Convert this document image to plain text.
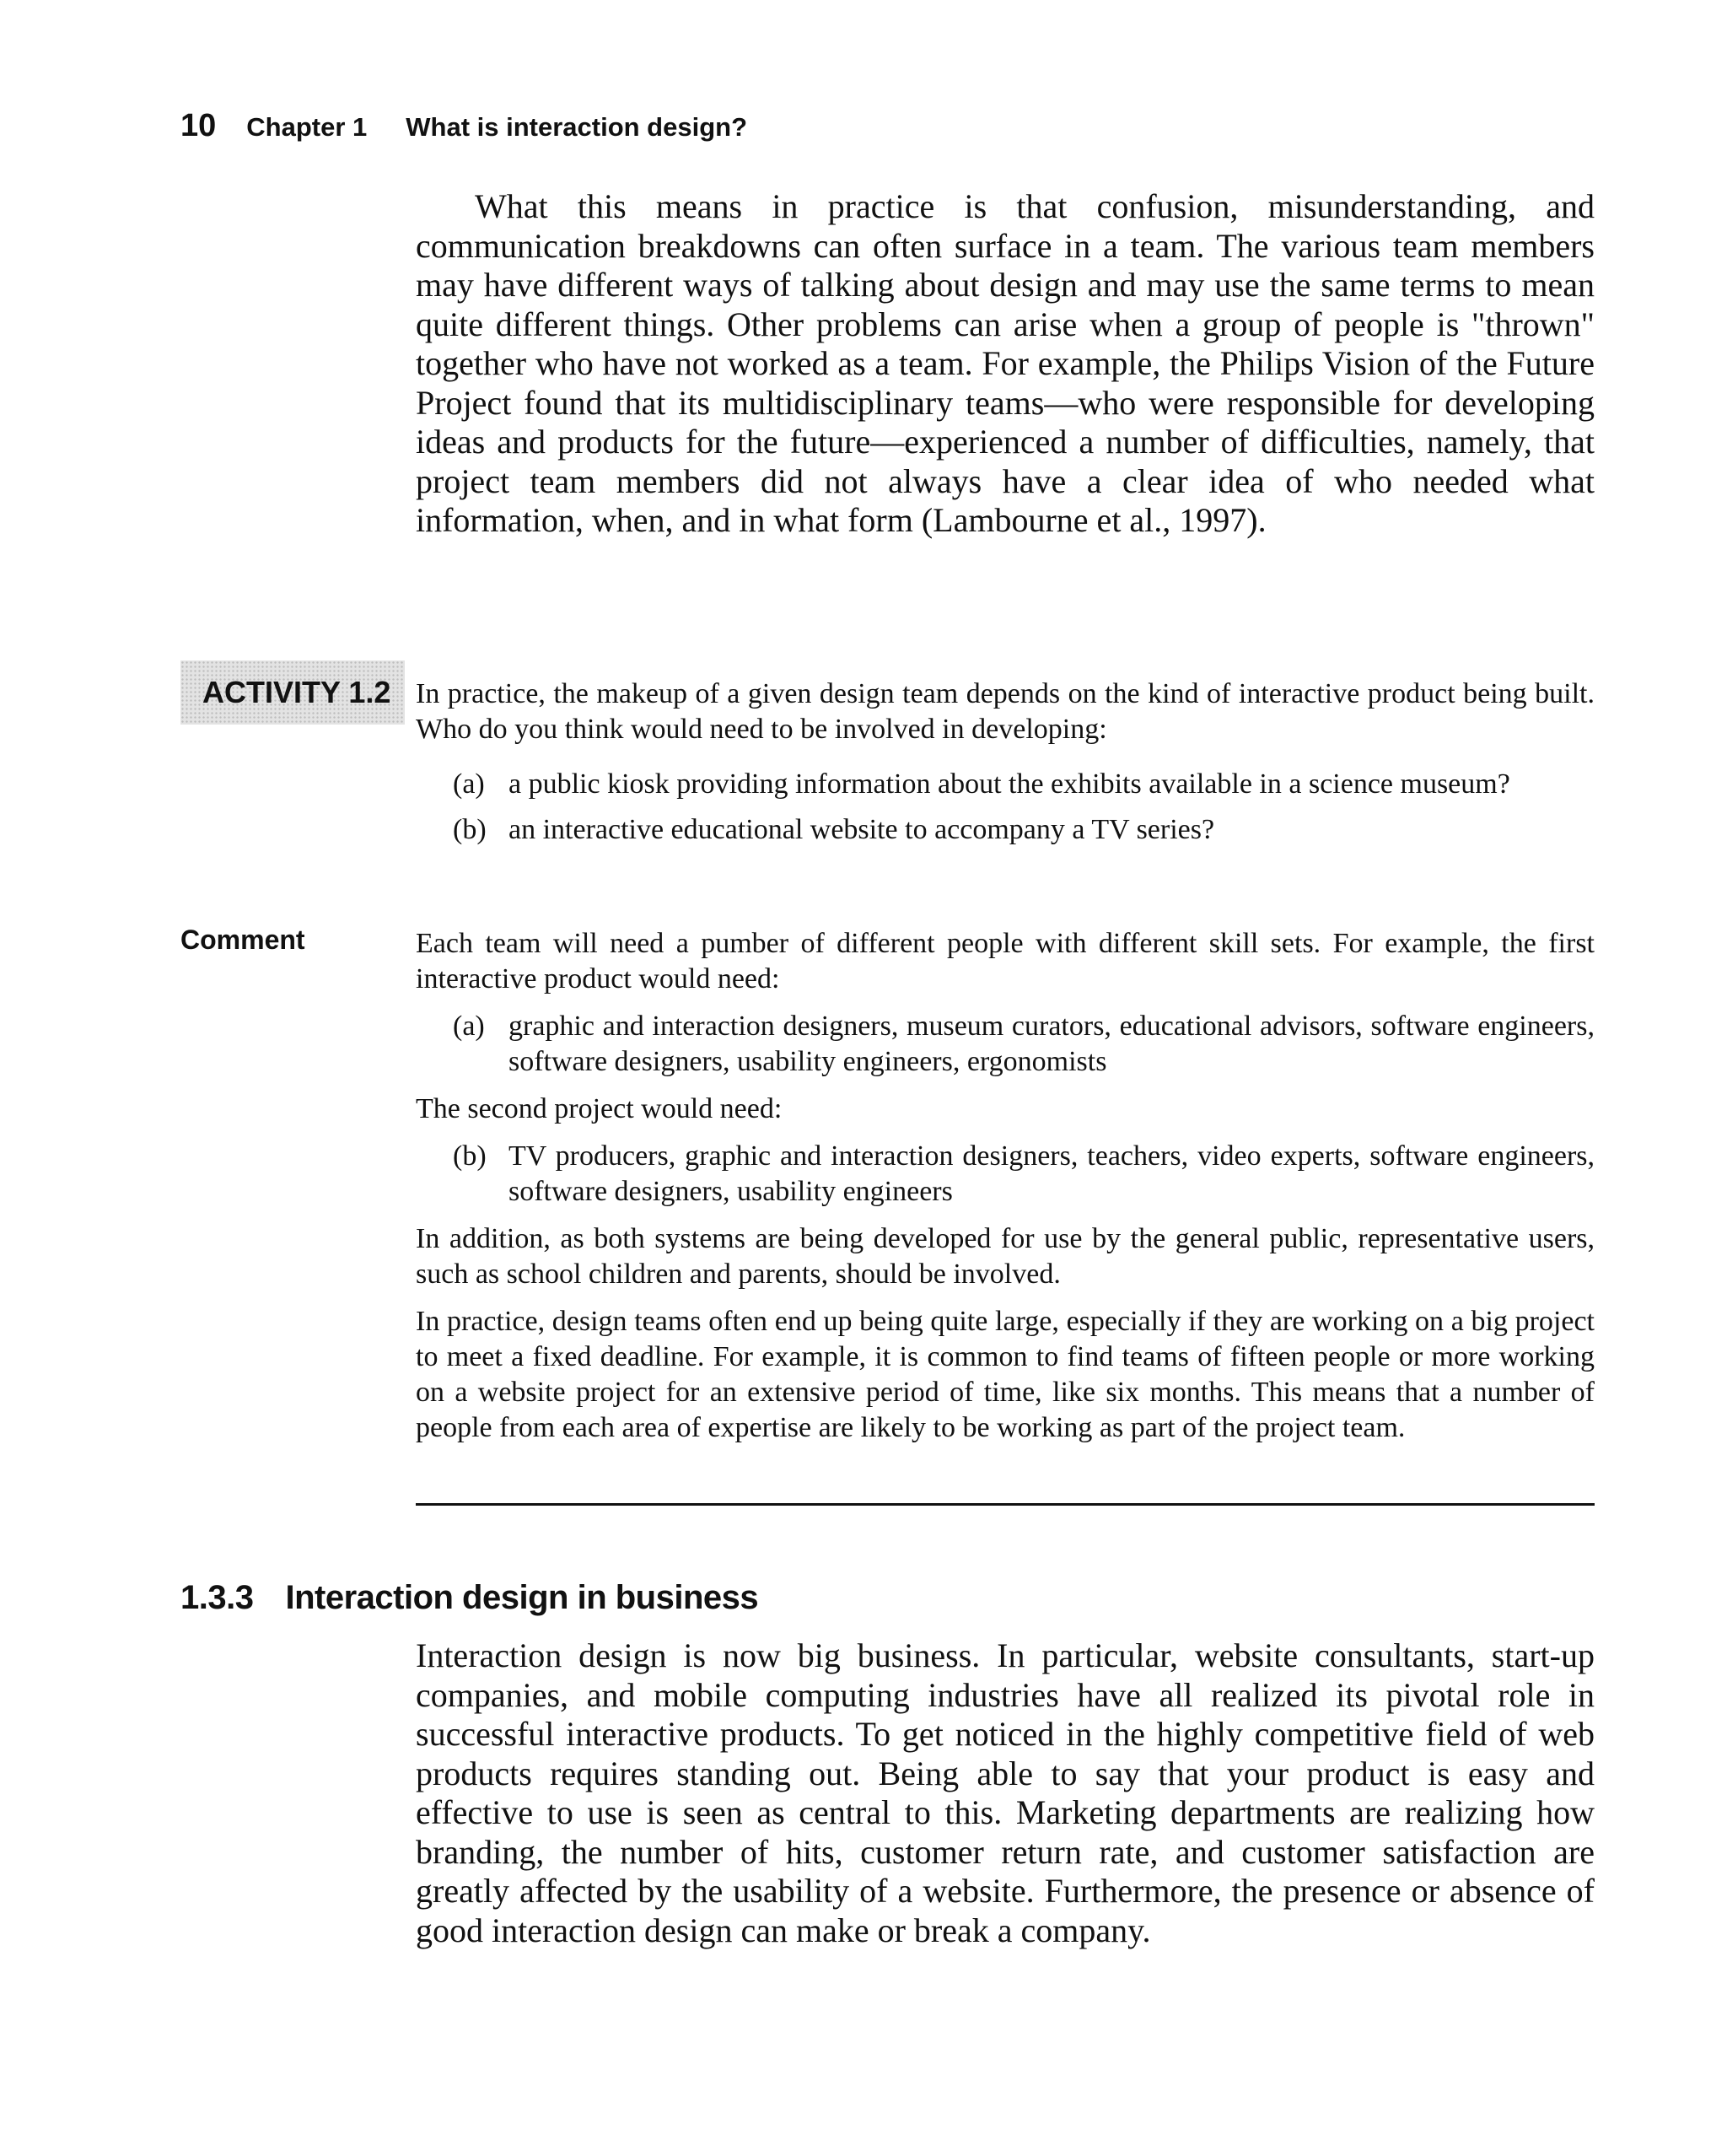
10 Chapter 1 What is interaction design?

What this means in practice is that confusion, misunderstanding, and communication breakdowns can often surface in a team. The various team members may have different ways of talking about design and may use the same terms to mean quite different things. Other problems can arise when a group of people is "thrown" together who have not worked as a team. For example, the Philips Vision of the Future Project found that its multidisciplinary teams—who were responsible for developing ideas and products for the future—experienced a number of difficulties, namely, that project team members did not always have a clear idea of who needed what information, when, and in what form (Lambourne et al., 1997).

ACTIVITY 1.2 In practice, the makeup of a given design team depends on the kind of interactive product being built. Who do you think would need to be involved in developing:

(a) a public kiosk providing information about the exhibits available in a science museum?
(b) an interactive educational website to accompany a TV series?
Comment	Each team will need a pumber of different people with different skill sets. For example, the first interactive product would need:

(a) graphic and interaction designers, museum curators, educational advisors, software engineers, software designers, usability engineers, ergonomists

The second project would need:

(b) TV producers, graphic and interaction designers, teachers, video experts, software engineers, software designers, usability engineers

In addition, as both systems are being developed for use by the general public, representative users, such as school children and parents, should be involved.

In practice, design teams often end up being quite large, especially if they are working on a big project to meet a fixed deadline. For example, it is common to find teams of fifteen people or more working on a website project for an extensive period of time, like six months. This means that a number of people from each area of expertise are likely to be working as part of the project team.

1.3.3 Interaction design in business

Interaction design is now big business. In particular, website consultants, start-up companies, and mobile computing industries have all realized its pivotal role in successful interactive products. To get noticed in the highly competitive field of web products requires standing out. Being able to say that your product is easy and effective to use is seen as central to this. Marketing departments are realizing how branding, the number of hits, customer return rate, and customer satisfaction are greatly affected by the usability of a website. Furthermore, the presence or absence of good interaction design can make or break a company.
